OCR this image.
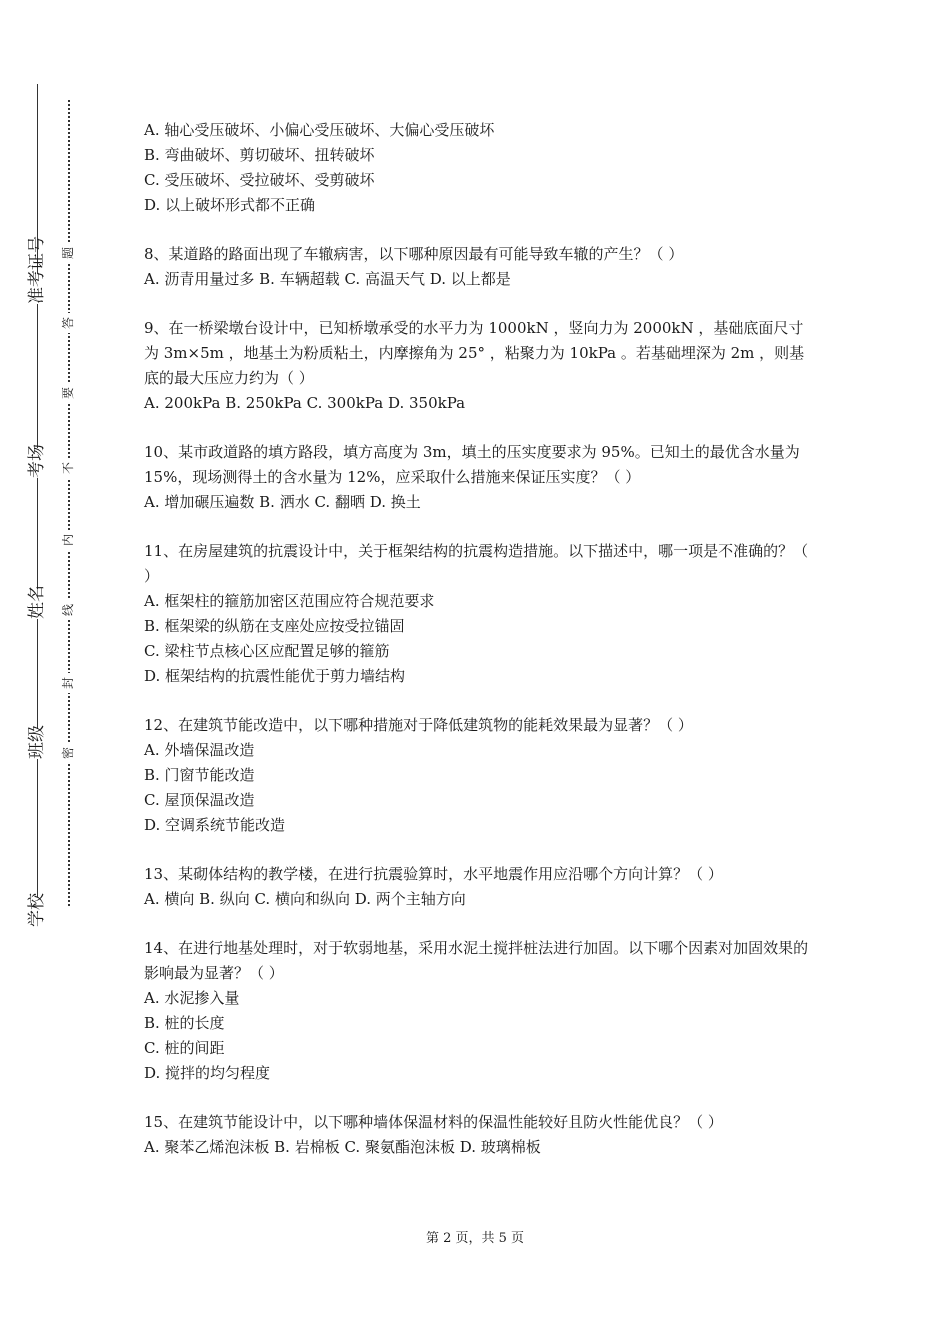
准考证号
考场
姓名
班级
学校
题
答
要
不
内
线
封
密

A. 轴心受压破坏、小偏心受压破坏、大偏心受压破坏

B. 弯曲破坏、剪切破坏、扭转破坏

C. 受压破坏、受拉破坏、受剪破坏

D. 以上破坏形式都不正确

8、某道路的路面出现了车辙病害，以下哪种原因最有可能导致车辙的产生？（ ）

A. 沥青用量过多 B. 车辆超载 C. 高温天气 D. 以上都是

9、在一桥梁墩台设计中，已知桥墩承受的水平力为 1000kN ，竖向力为 2000kN ，基础底面尺寸为 3m×5m ，地基土为粉质粘土，内摩擦角为 25° ，粘聚力为 10kPa 。若基础埋深为 2m ，则基底的最大压应力约为（ ）

A. 200kPa B. 250kPa C. 300kPa D. 350kPa

10、某市政道路的填方路段，填方高度为 3m，填土的压实度要求为 95%。已知土的最优含水量为 15%，现场测得土的含水量为 12%，应采取什么措施来保证压实度？（ ）

A. 增加碾压遍数 B. 洒水 C. 翻晒 D. 换土

11、在房屋建筑的抗震设计中，关于框架结构的抗震构造措施。以下描述中，哪一项是不准确的？（ ）

A. 框架柱的箍筋加密区范围应符合规范要求

B. 框架梁的纵筋在支座处应按受拉锚固

C. 梁柱节点核心区应配置足够的箍筋

D. 框架结构的抗震性能优于剪力墙结构

12、在建筑节能改造中，以下哪种措施对于降低建筑物的能耗效果最为显著？（ ）

A. 外墙保温改造

B. 门窗节能改造

C. 屋顶保温改造

D. 空调系统节能改造

13、某砌体结构的教学楼，在进行抗震验算时，水平地震作用应沿哪个方向计算？（ ）

A. 横向 B. 纵向 C. 横向和纵向 D. 两个主轴方向

14、在进行地基处理时，对于软弱地基，采用水泥土搅拌桩法进行加固。以下哪个因素对加固效果的影响最为显著？（ ）

A. 水泥掺入量

B. 桩的长度

C. 桩的间距

D. 搅拌的均匀程度

15、在建筑节能设计中，以下哪种墙体保温材料的保温性能较好且防火性能优良？（ ）

A. 聚苯乙烯泡沫板 B. 岩棉板 C. 聚氨酯泡沫板 D. 玻璃棉板

第 2 页，共 5 页
